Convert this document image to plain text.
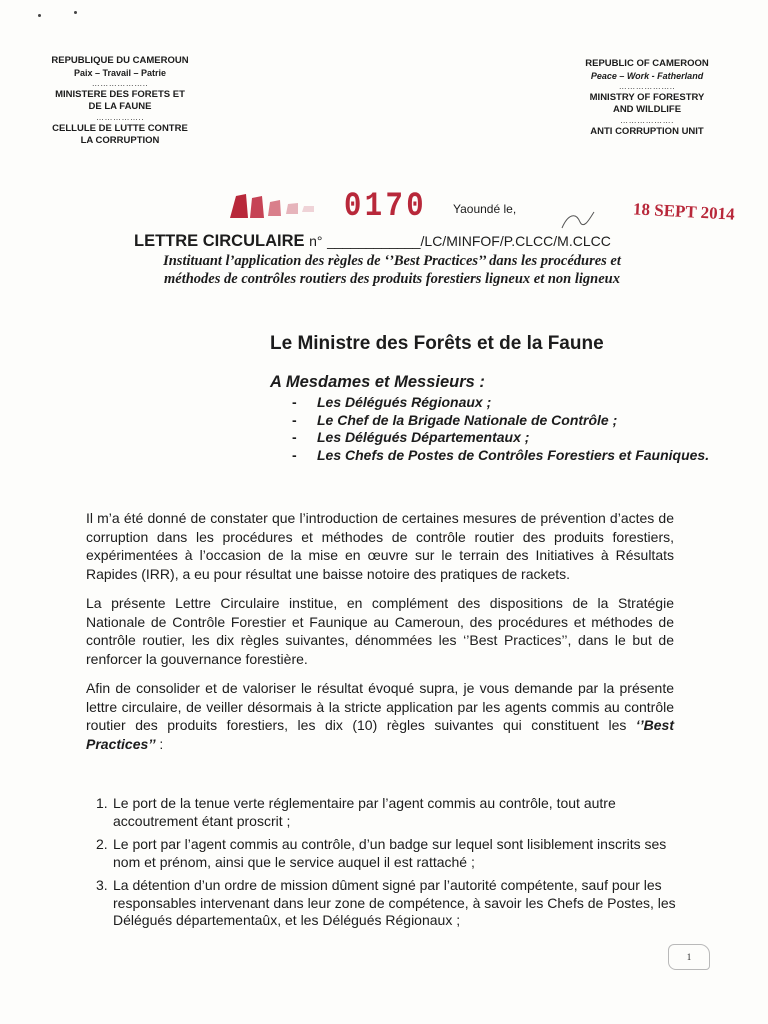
REPUBLIQUE DU CAMEROUN
Paix – Travail – Patrie
………………..
MINISTERE DES FORETS ET
DE LA FAUNE
……………..
CELLULE DE LUTTE CONTRE
LA CORRUPTION
REPUBLIC OF CAMEROON
Peace – Work - Fatherland
………………..
MINISTRY OF FORESTRY
AND WILDLIFE
……………….
ANTI CORRUPTION UNIT
0170 Yaoundé le,	18 SEPT 2014
LETTRE CIRCULAIRE n° ____________/LC/MINFOF/P.CLCC/M.CLCC
Instituant l’application des règles de ‘’Best Practices’’ dans les procédures et
méthodes de contrôles routiers des produits forestiers ligneux et non ligneux
Le Ministre des Forêts et de la Faune
A Mesdames et Messieurs :
- Les Délégués Régionaux ;
- Le Chef de la Brigade Nationale de Contrôle ;
- Les Délégués Départementaux ;
- Les Chefs de Postes de Contrôles Forestiers et Fauniques.

Il m’a été donné de constater que l’introduction de certaines mesures de prévention d’actes de corruption dans les procédures et méthodes de contrôle routier des produits forestiers, expérimentées à l’occasion de la mise en œuvre sur le terrain des Initiatives à Résultats Rapides (IRR), a eu pour résultat une baisse notoire des pratiques de rackets.

La présente Lettre Circulaire institue, en complément des dispositions de la Stratégie Nationale de Contrôle Forestier et Faunique au Cameroun, des procédures et méthodes de contrôle routier, les dix règles suivantes, dénommées les ‘’Best Practices’’, dans le but de renforcer la gouvernance forestière.

Afin de consolider et de valoriser le résultat évoqué supra, je vous demande par la présente lettre circulaire, de veiller désormais à la stricte application par les agents commis au contrôle routier des produits forestiers, les dix (10) règles suivantes qui constituent les ‘’Best Practices’’ :

1. Le port de la tenue verte réglementaire par l’agent commis au contrôle, tout autre accoutrement étant proscrit ;
2. Le port par l’agent commis au contrôle, d’un badge sur lequel sont lisiblement inscrits ses nom et prénom, ainsi que le service auquel il est rattaché ;
3. La détention d’un ordre de mission dûment signé par l’autorité compétente, sauf pour les responsables intervenant dans leur zone de compétence, à savoir les Chefs de Postes, les Délégués départementaûx, et les Délégués Régionaux ;
1
